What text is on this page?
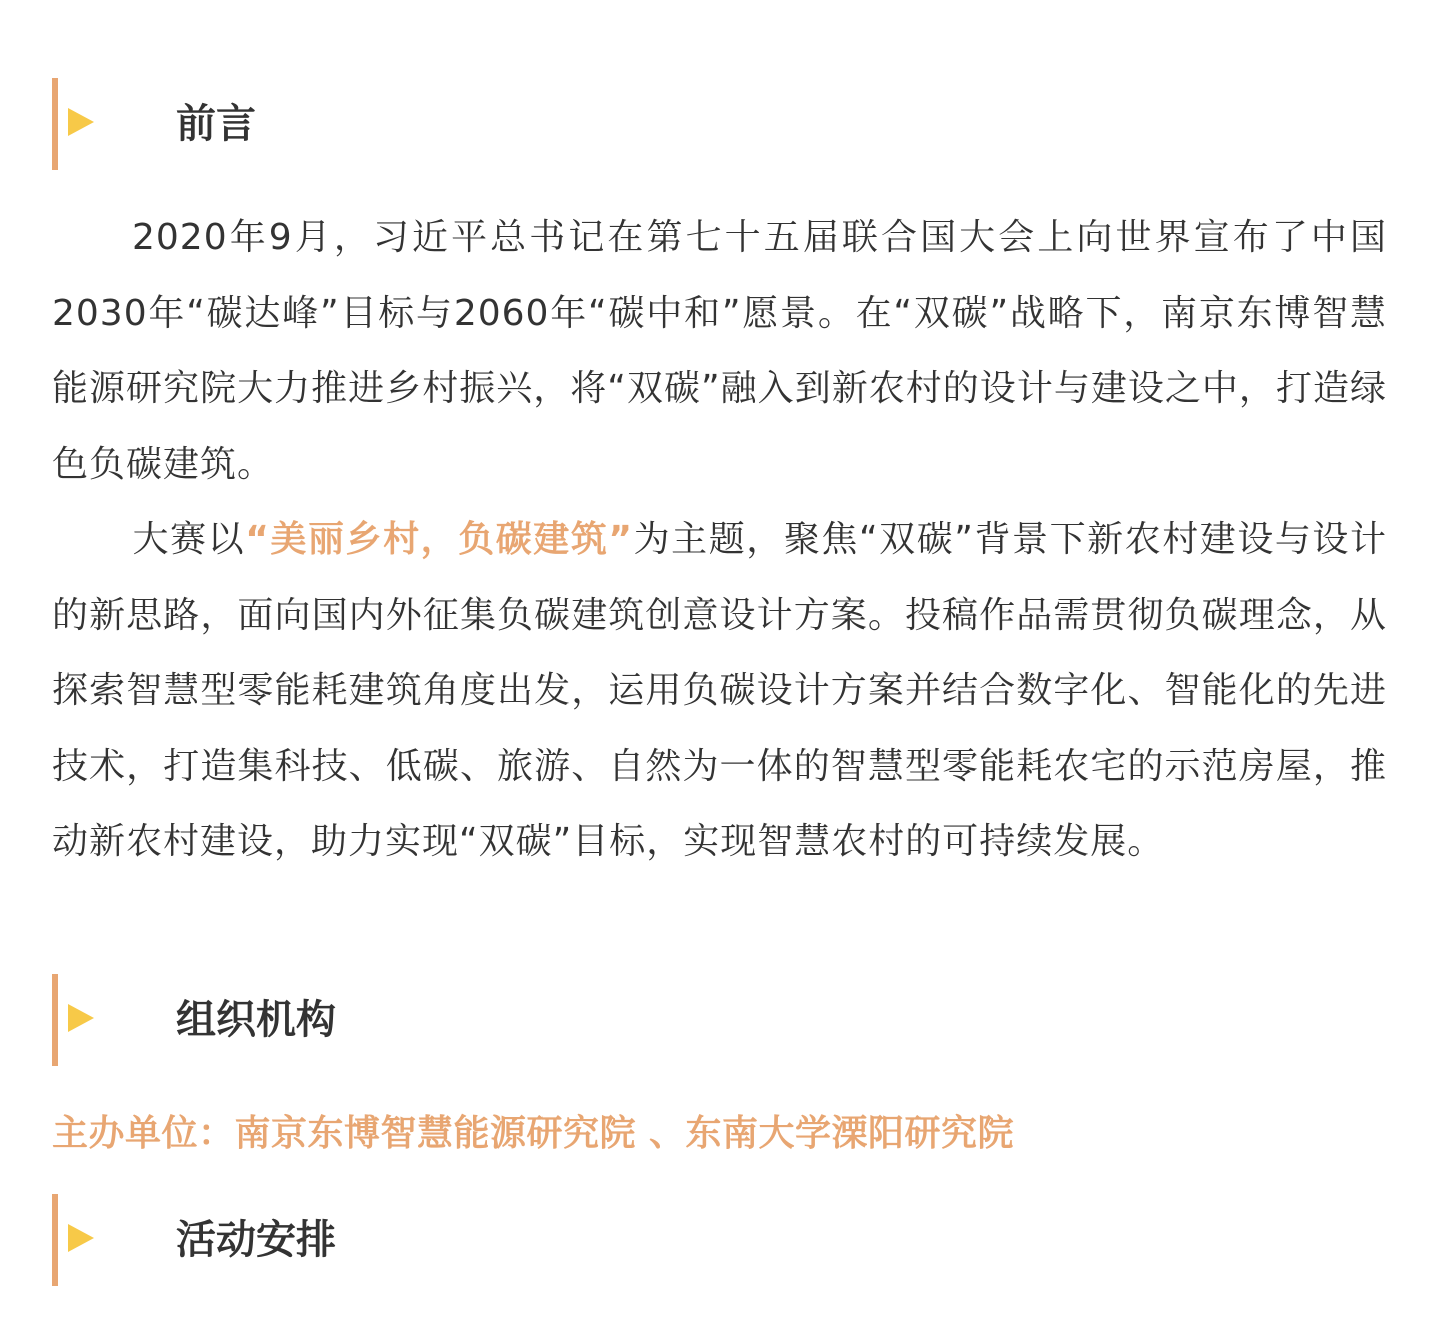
前言

2020年9月，习近平总书记在第七十五届联合国大会上向世界宣布了中国2030年“碳达峰”目标与2060年“碳中和”愿景。在“双碳”战略下，南京东博智慧能源研究院大力推进乡村振兴，将“双碳”融入到新农村的设计与建设之中，打造绿色负碳建筑。

大赛以“美丽乡村，负碳建筑”为主题，聚焦“双碳”背景下新农村建设与设计的新思路，面向国内外征集负碳建筑创意设计方案。投稿作品需贯彻负碳理念，从探索智慧型零能耗建筑角度出发，运用负碳设计方案并结合数字化、智能化的先进技术，打造集科技、低碳、旅游、自然为一体的智慧型零能耗农宅的示范房屋，推动新农村建设，助力实现“双碳”目标，实现智慧农村的可持续发展。

组织机构
主办单位：南京东博智慧能源研究院 、东南大学溧阳研究院
活动安排
